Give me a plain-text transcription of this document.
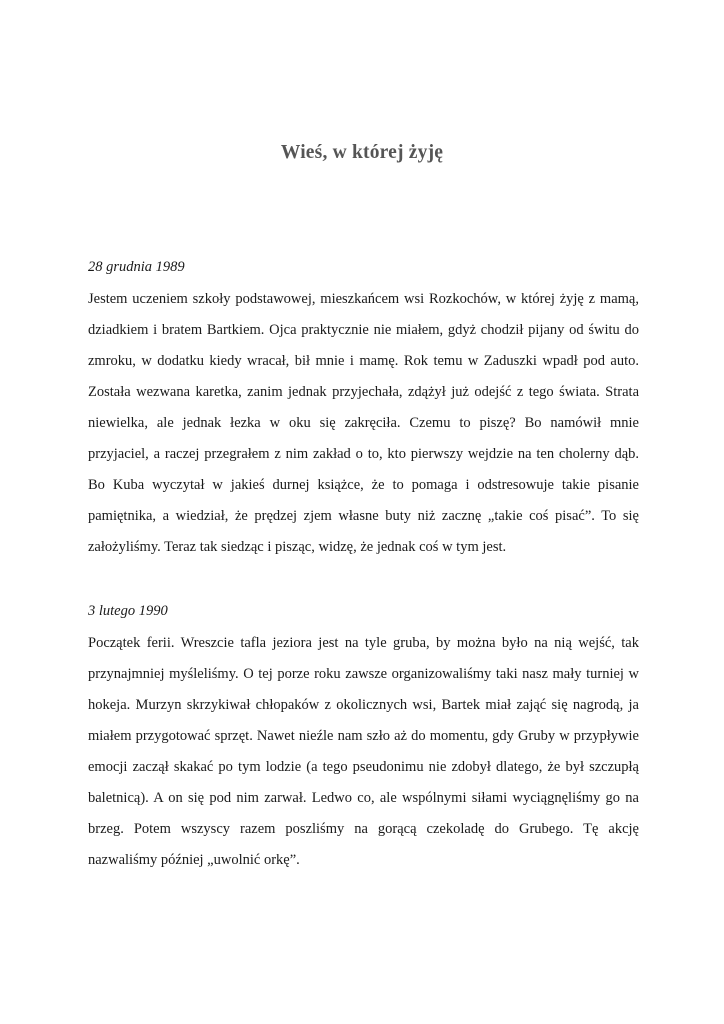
Wieś, w której żyję

28 grudnia 1989

Jestem uczeniem szkoły podstawowej, mieszkańcem wsi Rozkochów, w której żyję z mamą,
dziadkiem i bratem Bartkiem. Ojca praktycznie nie miałem, gdyż chodził pijany od świtu do
zmroku, w dodatku kiedy wracał, bił mnie i mamę. Rok temu w Zaduszki wpadł pod auto.
Została wezwana karetka, zanim jednak przyjechała, zdążył już odejść z tego świata. Strata
niewielka, ale jednak łezka w oku się zakręciła. Czemu to piszę? Bo namówił mnie
przyjaciel, a raczej przegrałem z nim zakład o to, kto pierwszy wejdzie na ten cholerny dąb.
Bo Kuba wyczytał w jakieś durnej książce, że to pomaga i odstresowuje takie pisanie
pamiętnika, a wiedział, że prędzej zjem własne buty niż zacznę „takie coś pisać”. To się
założyliśmy. Teraz tak siedząc i pisząc, widzę, że jednak coś w tym jest.

3 lutego 1990

Początek ferii. Wreszcie tafla jeziora jest na tyle gruba, by można było na nią wejść, tak
przynajmniej myśleliśmy. O tej porze roku zawsze organizowaliśmy taki nasz mały turniej w
hokeja. Murzyn skrzykiwał chłopaków z okolicznych wsi, Bartek miał zająć się nagrodą, ja
miałem przygotować sprzęt. Nawet nieźle nam szło aż do momentu, gdy Gruby w przypływie
emocji zaczął skakać po tym lodzie (a tego pseudonimu nie zdobył dlatego, że był szczupłą
baletnicą). A on się pod nim zarwał. Ledwo co, ale wspólnymi siłami wyciągnęliśmy go na
brzeg. Potem wszyscy razem poszliśmy na gorącą czekoladę do Grubego. Tę akcję
nazwaliśmy później „uwolnić orkę”.
